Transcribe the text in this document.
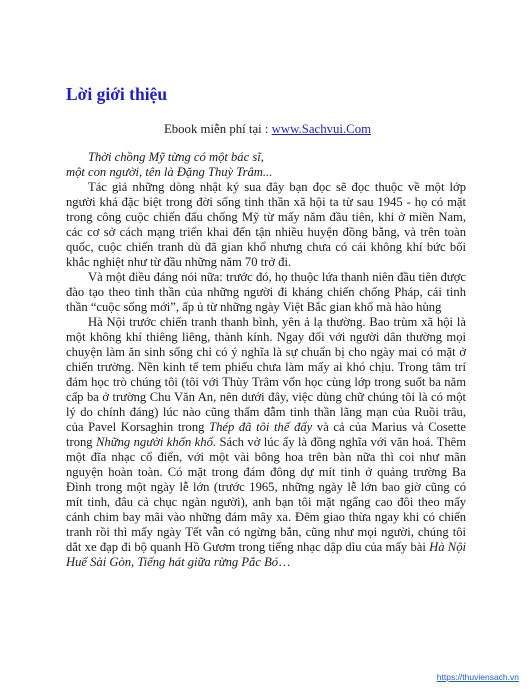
Lời giới thiệu
Ebook miễn phí tại : www.Sachvui.Com
Thời chồng Mỹ từng có một bác sĩ,
một con người, tên là Đặng Thuỳ Trâm...

Tác giả những dòng nhật ký sua đây bạn đọc sẽ đọc thuộc về một lớp người khá đặc biệt trong đời sống tinh thần xã hội ta từ sau 1945 - họ có mặt trong công cuộc chiến đấu chống Mỹ từ mấy năm đầu tiên, khi ở miền Nam, các cơ sở cách mạng triển khai đến tận nhiều huyện đồng bằng, và trên toàn quốc, cuộc chiến tranh dù đã gian khổ nhưng chưa có cái không khí bức bối khắc nghiệt như từ đầu những năm 70 trở đi.

Và một điều đáng nói nữa: trước đó, họ thuộc lứa thanh niên đầu tiên được đào tạo theo tinh thần của những người đi kháng chiến chống Pháp, cái tinh thần “cuộc sống mới”, ấp ủ từ những ngày Việt Bắc gian khổ mà hào hùng

Hà Nội trước chiến tranh thanh bình, yên ả lạ thường. Bao trùm xã hội là một không khí thiêng liêng, thành kính. Ngay đối với người dân thường mọi chuyện làm ăn sinh sống chỉ có ý nghĩa là sự chuẩn bị cho ngày mai có mặt ở chiến trường. Nền kinh tế tem phiếu chưa làm mấy ai khó chịu. Trong tâm trí đám học trò chúng tôi (tôi với Thùy Trâm vốn học cùng lớp trong suốt ba năm cấp ba ở trường Chu Văn An, nên dưới đây, việc dùng chữ chúng tôi là có một lý do chính đáng) lúc nào cũng thấm đẫm tinh thần lãng mạn của Ruồi trâu, của Pavel Korsaghin trong Thép đã tôi thế đấy và cả của Marius và Cosette trong Những người khốn khổ. Sách vở lúc ấy là đồng nghĩa với văn hoá. Thêm một đĩa nhạc cổ điển, với một vài bông hoa trên bàn nữa thì coi như mãn nguyện hoàn toàn. Có mặt trong đám đông dự mít tinh ở quảng trường Ba Đình trong một ngày lễ lớn (trước 1965, những ngày lễ lớn bao giờ cũng có mít tinh, đâu cả chục ngàn người), anh bạn tôi mặt ngẩng cao đôi theo mấy cánh chim bay mãi vào những đám mây xa. Đêm giao thừa ngay khi có chiến tranh rồi thì mấy ngày Tết vẫn có ngừng bắn, cũng như mọi người, chúng tôi dắt xe đạp đi bộ quanh Hồ Gươm trong tiếng nhạc dập dìu của mấy bài Hà Nội Huế Sài Gòn, Tiếng hát giữa rừng Pắc Bó…

https://thuviensach.vn
